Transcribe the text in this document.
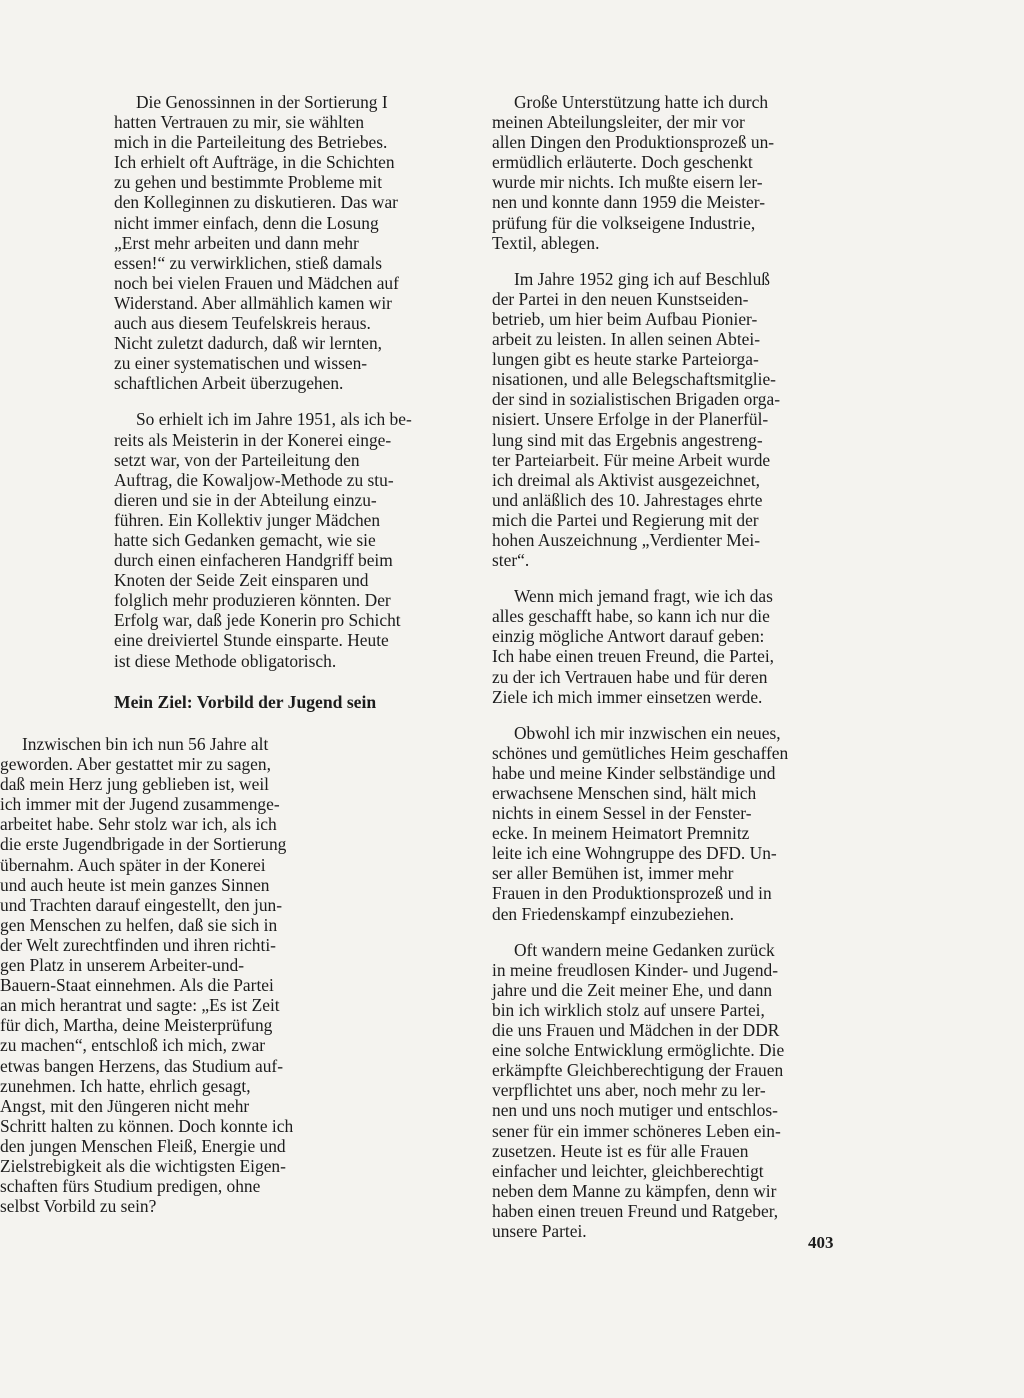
Die Genossinnen in der Sortierung I
hatten Vertrauen zu mir, sie wählten
mich in die Parteileitung des Betriebes.
Ich erhielt oft Aufträge, in die Schichten
zu gehen und bestimmte Probleme mit
den Kolleginnen zu diskutieren. Das war
nicht immer einfach, denn die Losung
„Erst mehr arbeiten und dann mehr
essen!“ zu verwirklichen, stieß damals
noch bei vielen Frauen und Mädchen auf
Widerstand. Aber allmählich kamen wir
auch aus diesem Teufelskreis heraus.
Nicht zuletzt dadurch, daß wir lernten,
zu einer systematischen und wissen-
schaftlichen Arbeit überzugehen.

So erhielt ich im Jahre 1951, als ich be-
reits als Meisterin in der Konerei einge-
setzt war, von der Parteileitung den
Auftrag, die Kowaljow-Methode zu stu-
dieren und sie in der Abteilung einzu-
führen. Ein Kollektiv junger Mädchen
hatte sich Gedanken gemacht, wie sie
durch einen einfacheren Handgriff beim
Knoten der Seide Zeit einsparen und
folglich mehr produzieren könnten. Der
Erfolg war, daß jede Konerin pro Schicht
eine dreiviertel Stunde einsparte. Heute
ist diese Methode obligatorisch.

Mein Ziel: Vorbild der Jugend sein

Inzwischen bin ich nun 56 Jahre alt
geworden. Aber gestattet mir zu sagen,
daß mein Herz jung geblieben ist, weil
ich immer mit der Jugend zusammenge-
arbeitet habe. Sehr stolz war ich, als ich
die erste Jugendbrigade in der Sortierung
übernahm. Auch später in der Konerei
und auch heute ist mein ganzes Sinnen
und Trachten darauf eingestellt, den jun-
gen Menschen zu helfen, daß sie sich in
der Welt zurechtfinden und ihren richti-
gen Platz in unserem Arbeiter-und-
Bauern-Staat einnehmen. Als die Partei
an mich herantrat und sagte: „Es ist Zeit
für dich, Martha, deine Meisterprüfung
zu machen“, entschloß ich mich, zwar
etwas bangen Herzens, das Studium auf-
zunehmen. Ich hatte, ehrlich gesagt,
Angst, mit den Jüngeren nicht mehr
Schritt halten zu können. Doch konnte ich
den jungen Menschen Fleiß, Energie und
Zielstrebigkeit als die wichtigsten Eigen-
schaften fürs Studium predigen, ohne
selbst Vorbild zu sein?

Große Unterstützung hatte ich durch
meinen Abteilungsleiter, der mir vor
allen Dingen den Produktionsprozeß un-
ermüdlich erläuterte. Doch geschenkt
wurde mir nichts. Ich mußte eisern ler-
nen und konnte dann 1959 die Meister-
prüfung für die volkseigene Industrie,
Textil, ablegen.

Im Jahre 1952 ging ich auf Beschluß
der Partei in den neuen Kunstseiden-
betrieb, um hier beim Aufbau Pionier-
arbeit zu leisten. In allen seinen Abtei-
lungen gibt es heute starke Parteiorga-
nisationen, und alle Belegschaftsmitglie-
der sind in sozialistischen Brigaden orga-
nisiert. Unsere Erfolge in der Planerfül-
lung sind mit das Ergebnis angestreng-
ter Parteiarbeit. Für meine Arbeit wurde
ich dreimal als Aktivist ausgezeichnet,
und anläßlich des 10. Jahrestages ehrte
mich die Partei und Regierung mit der
hohen Auszeichnung „Verdienter Mei-
ster“.

Wenn mich jemand fragt, wie ich das
alles geschafft habe, so kann ich nur die
einzig mögliche Antwort darauf geben:
Ich habe einen treuen Freund, die Partei,
zu der ich Vertrauen habe und für deren
Ziele ich mich immer einsetzen werde.

Obwohl ich mir inzwischen ein neues,
schönes und gemütliches Heim geschaffen
habe und meine Kinder selbständige und
erwachsene Menschen sind, hält mich
nichts in einem Sessel in der Fenster-
ecke. In meinem Heimatort Premnitz
leite ich eine Wohngruppe des DFD. Un-
ser aller Bemühen ist, immer mehr
Frauen in den Produktionsprozeß und in
den Friedenskampf einzubeziehen.

Oft wandern meine Gedanken zurück
in meine freudlosen Kinder- und Jugend-
jahre und die Zeit meiner Ehe, und dann
bin ich wirklich stolz auf unsere Partei,
die uns Frauen und Mädchen in der DDR
eine solche Entwicklung ermöglichte. Die
erkämpfte Gleichberechtigung der Frauen
verpflichtet uns aber, noch mehr zu ler-
nen und uns noch mutiger und entschlos-
sener für ein immer schöneres Leben ein-
zusetzen. Heute ist es für alle Frauen
einfacher und leichter, gleichberechtigt
neben dem Manne zu kämpfen, denn wir
haben einen treuen Freund und Ratgeber,
unsere Partei.

403
